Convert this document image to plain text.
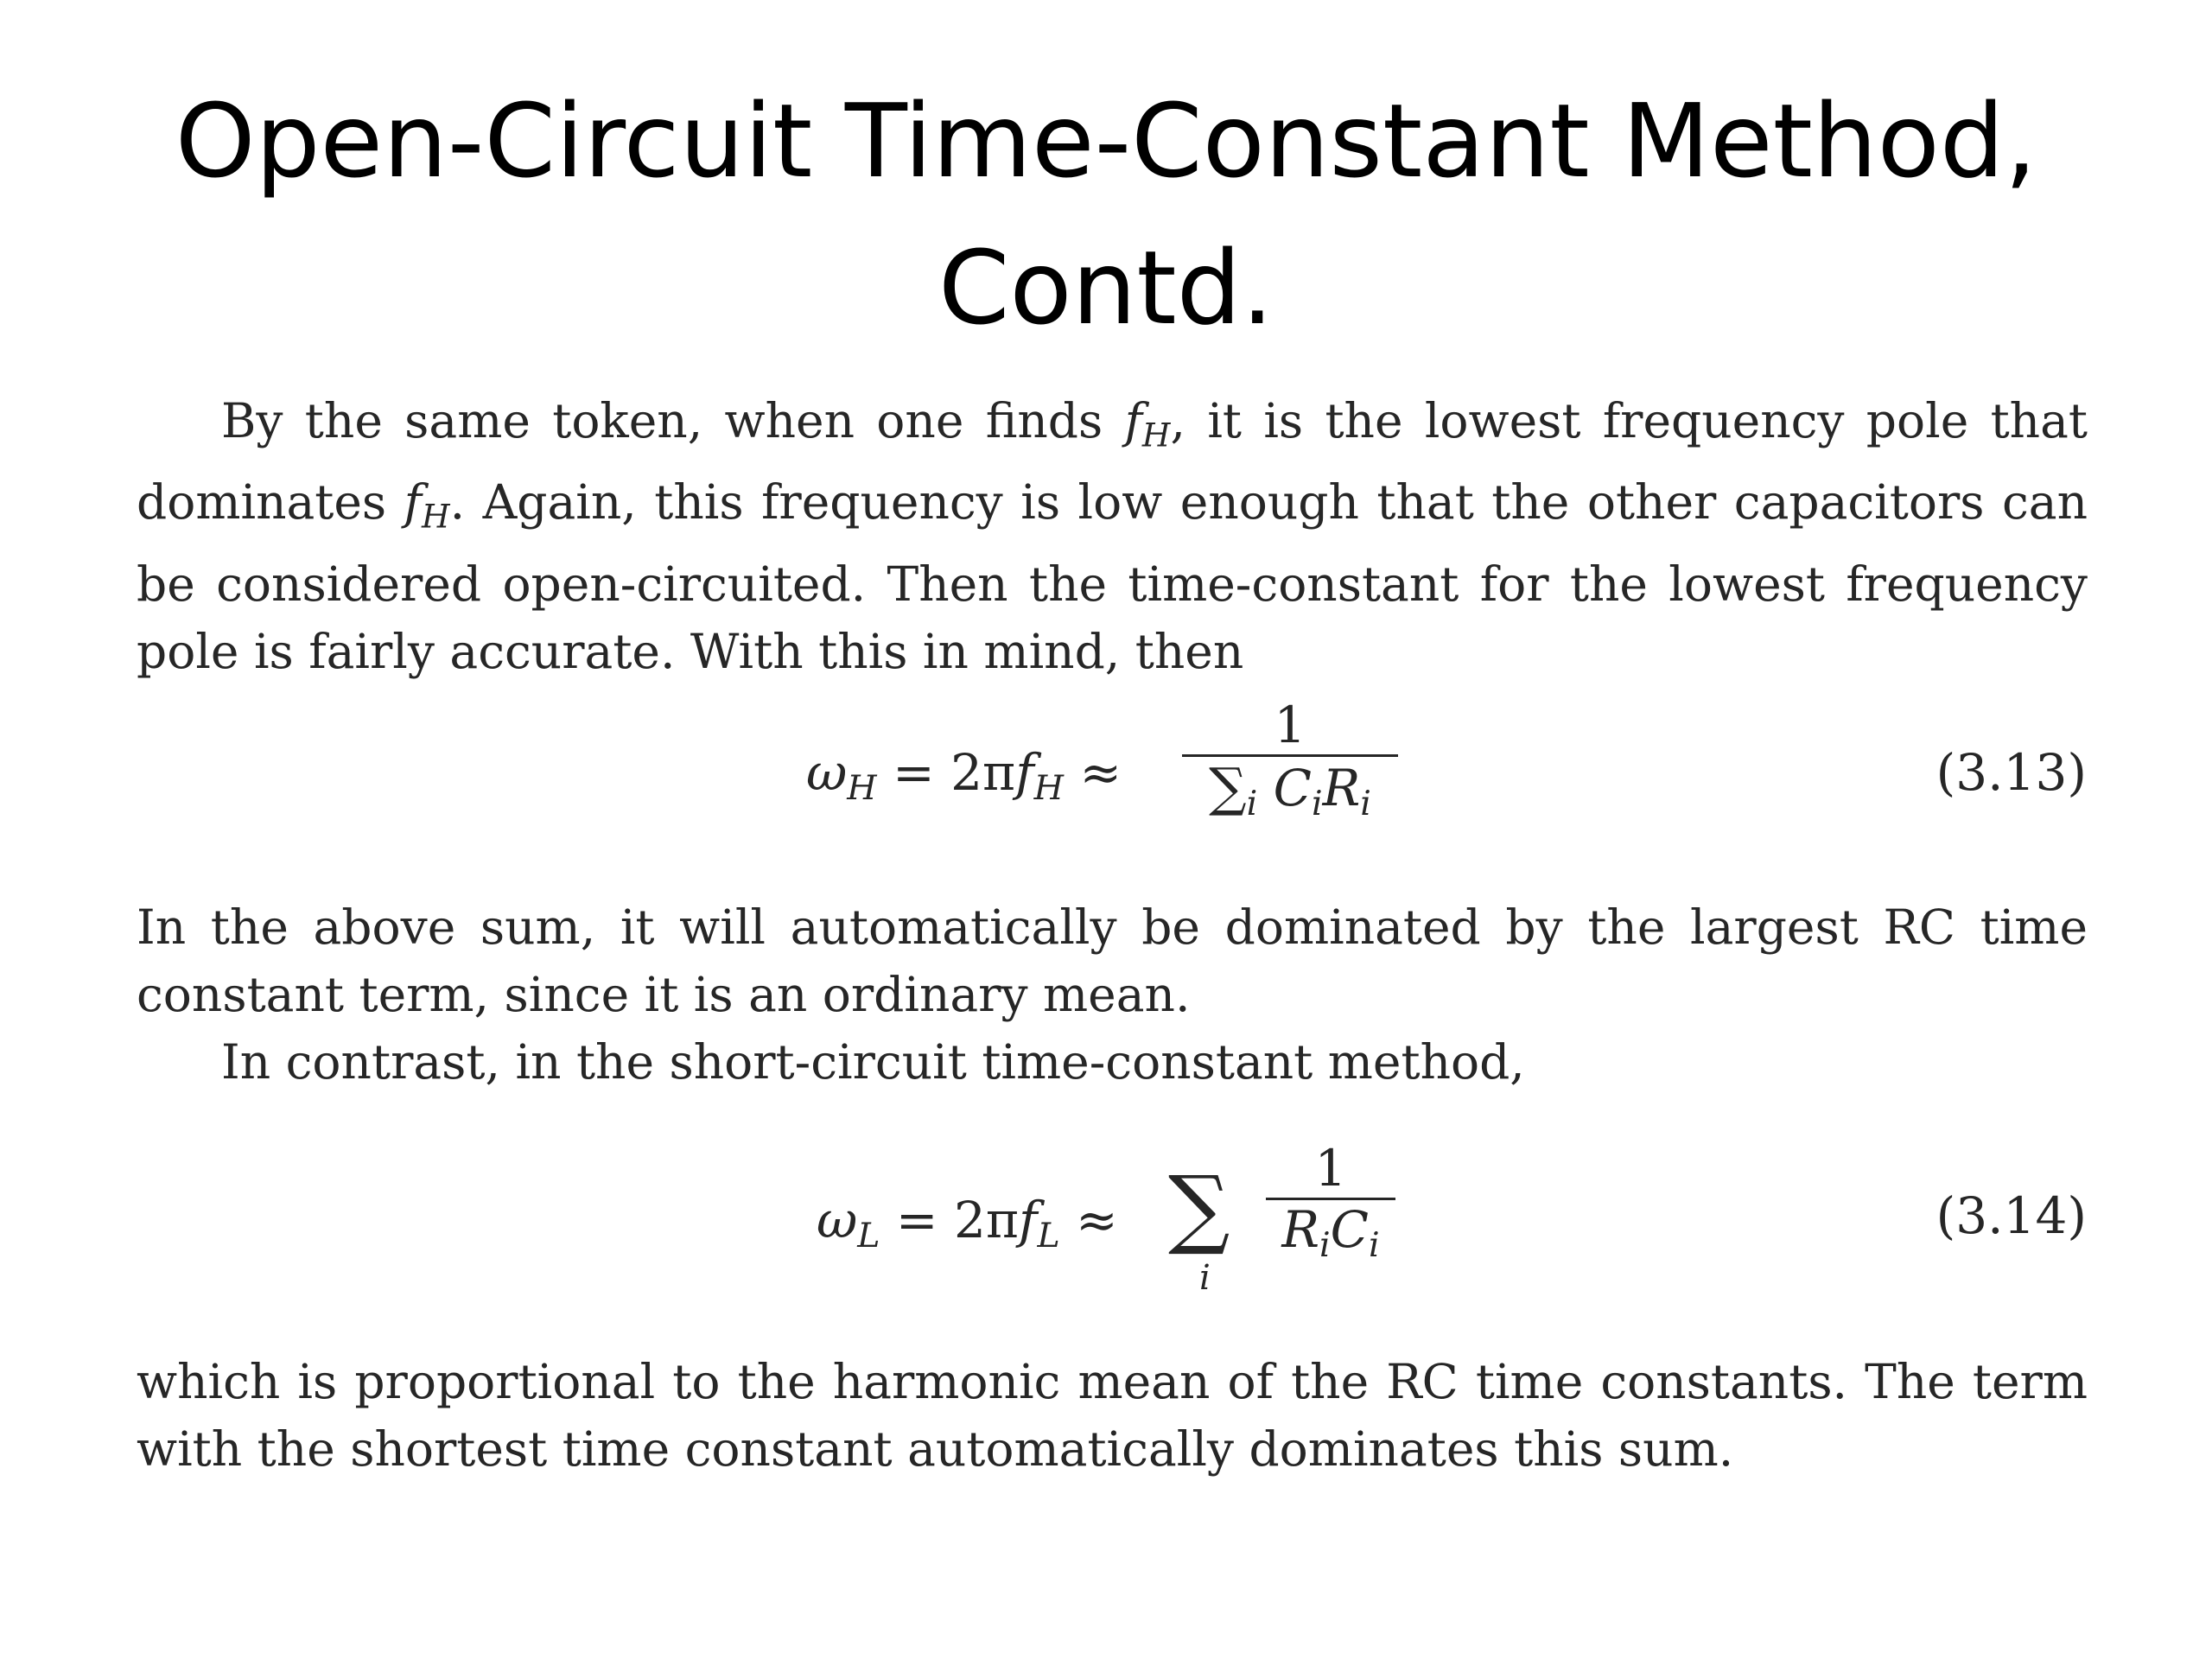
Open-Circuit Time-Constant Method,
Contd.

By the same token, when one finds $f_H$, it is the lowest frequency pole that dominates $f_H$. Again, this frequency is low enough that the other capacitors can be considered open-circuited. Then the time-constant for the lowest frequency pole is fairly accurate. With this in mind, then

$\omega_H = 2\pi f_H$ ≈
1
$\sum_i$ $C_iR_i$
(3.13)

In the above sum, it will automatically be dominated by the largest RC time constant term, since it is an ordinary mean.

In contrast, in the short-circuit time-constant method,

$\omega_L = 2\pi f_L$ ≈ ∑
i
1
$R_iC_i$
(3.14)

which is proportional to the harmonic mean of the RC time constants. The term with the shortest time constant automatically dominates this sum.
